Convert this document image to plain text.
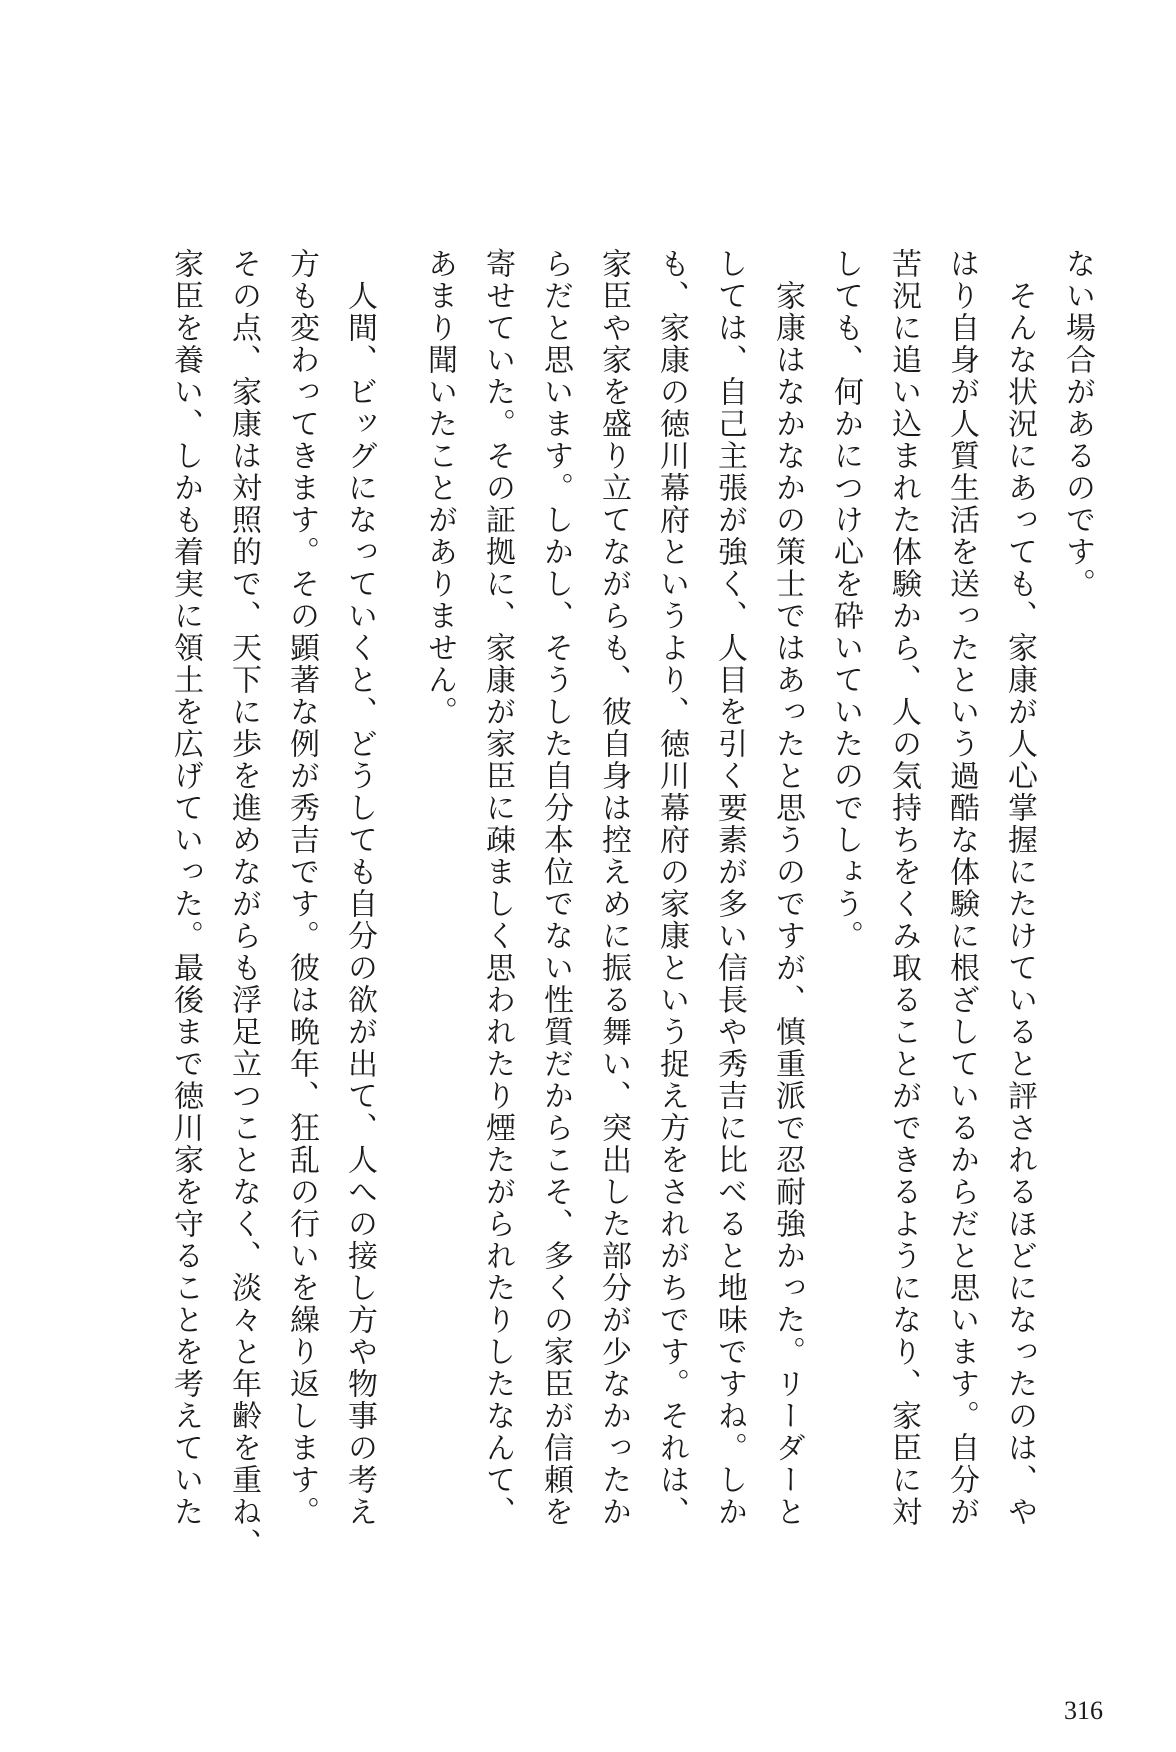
ない場合があるのです。
そんな状況にあっても、家康が人心掌握にたけていると評されるほどになったのは、や
はり自身が人質生活を送ったという過酷な体験に根ざしているからだと思います。自分が
苦況に追い込まれた体験から、人の気持ちをくみ取ることができるようになり、家臣に対
しても、何かにつけ心を砕いていたのでしょう。
家康はなかなかの策士ではあったと思うのですが、慎重派で忍耐強かった。リーダーと
しては、自己主張が強く、人目を引く要素が多い信長や秀吉に比べると地味ですね。しか
も、家康の徳川幕府というより、徳川幕府の家康という捉え方をされがちです。それは、
家臣や家を盛り立てながらも、彼自身は控えめに振る舞い、突出した部分が少なかったか
らだと思います。しかし、そうした自分本位でない性質だからこそ、多くの家臣が信頼を
寄せていた。その証拠に、家康が家臣に疎ましく思われたり煙たがられたりしたなんて、
あまり聞いたことがありません。
人間、ビッグになっていくと、どうしても自分の欲が出て、人への接し方や物事の考え
方も変わってきます。その顕著な例が秀吉です。彼は晩年、狂乱の行いを繰り返します。
その点、家康は対照的で、天下に歩を進めながらも浮足立つことなく、淡々と年齢を重ね、
家臣を養い、しかも着実に領土を広げていった。最後まで徳川家を守ることを考えていた
316
